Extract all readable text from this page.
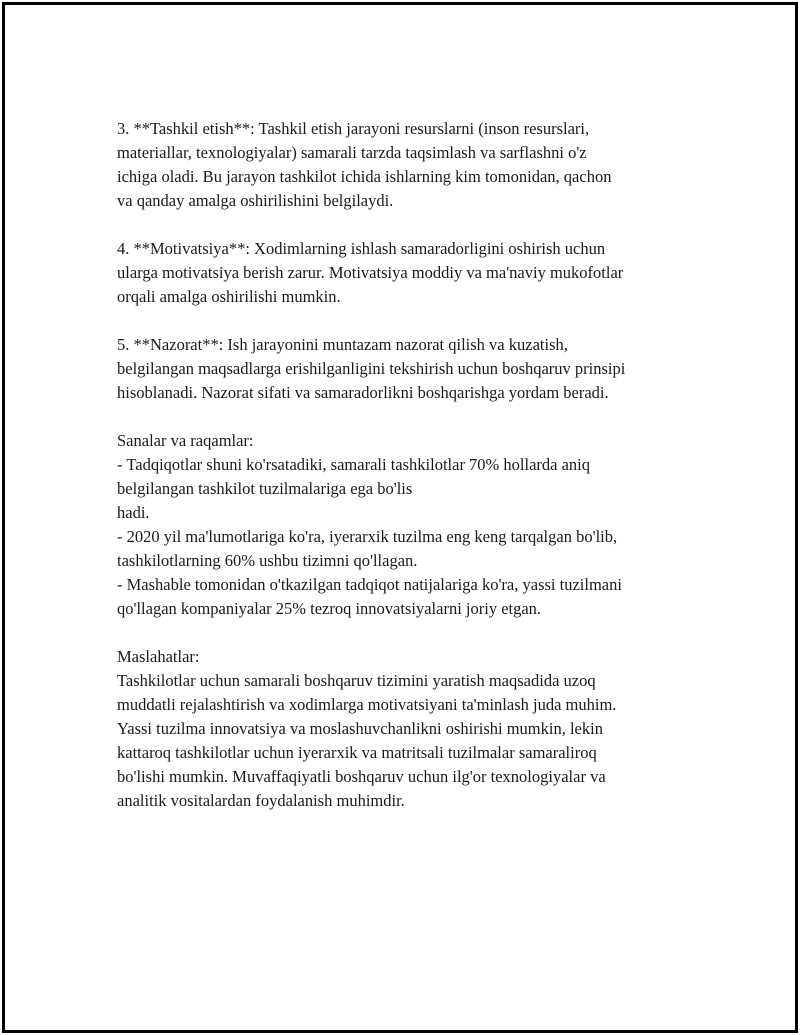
3. **Tashkil etish**: Tashkil etish jarayoni resurslarni (inson resurslari,
materiallar, texnologiyalar) samarali tarzda taqsimlash va sarflashni o'z
ichiga oladi. Bu jarayon tashkilot ichida ishlarning kim tomonidan, qachon
va qanday amalga oshirilishini belgilaydi.

4. **Motivatsiya**: Xodimlarning ishlash samaradorligini oshirish uchun
ularga motivatsiya berish zarur. Motivatsiya moddiy va ma'naviy mukofotlar
orqali amalga oshirilishi mumkin.

5. **Nazorat**: Ish jarayonini muntazam nazorat qilish va kuzatish,
belgilangan maqsadlarga erishilganligini tekshirish uchun boshqaruv prinsipi
hisoblanadi. Nazorat sifati va samaradorlikni boshqarishga yordam beradi.

Sanalar va raqamlar:
- Tadqiqotlar shuni ko'rsatadiki, samarali tashkilotlar 70% hollarda aniq
belgilangan tashkilot tuzilmalariga ega bo'lis
hadi.
- 2020 yil ma'lumotlariga ko'ra, iyerarxik tuzilma eng keng tarqalgan bo'lib,
tashkilotlarning 60% ushbu tizimni qo'llagan.
- Mashable tomonidan o'tkazilgan tadqiqot natijalariga ko'ra, yassi tuzilmani
qo'llagan kompaniyalar 25% tezroq innovatsiyalarni joriy etgan.

Maslahatlar:
Tashkilotlar uchun samarali boshqaruv tizimini yaratish maqsadida uzoq
muddatli rejalashtirish va xodimlarga motivatsiyani ta'minlash juda muhim.
Yassi tuzilma innovatsiya va moslashuvchanlikni oshirishi mumkin, lekin
kattaroq tashkilotlar uchun iyerarxik va matritsali tuzilmalar samaraliroq
bo'lishi mumkin. Muvaffaqiyatli boshqaruv uchun ilg'or texnologiyalar va
analitik vositalardan foydalanish muhimdir.
